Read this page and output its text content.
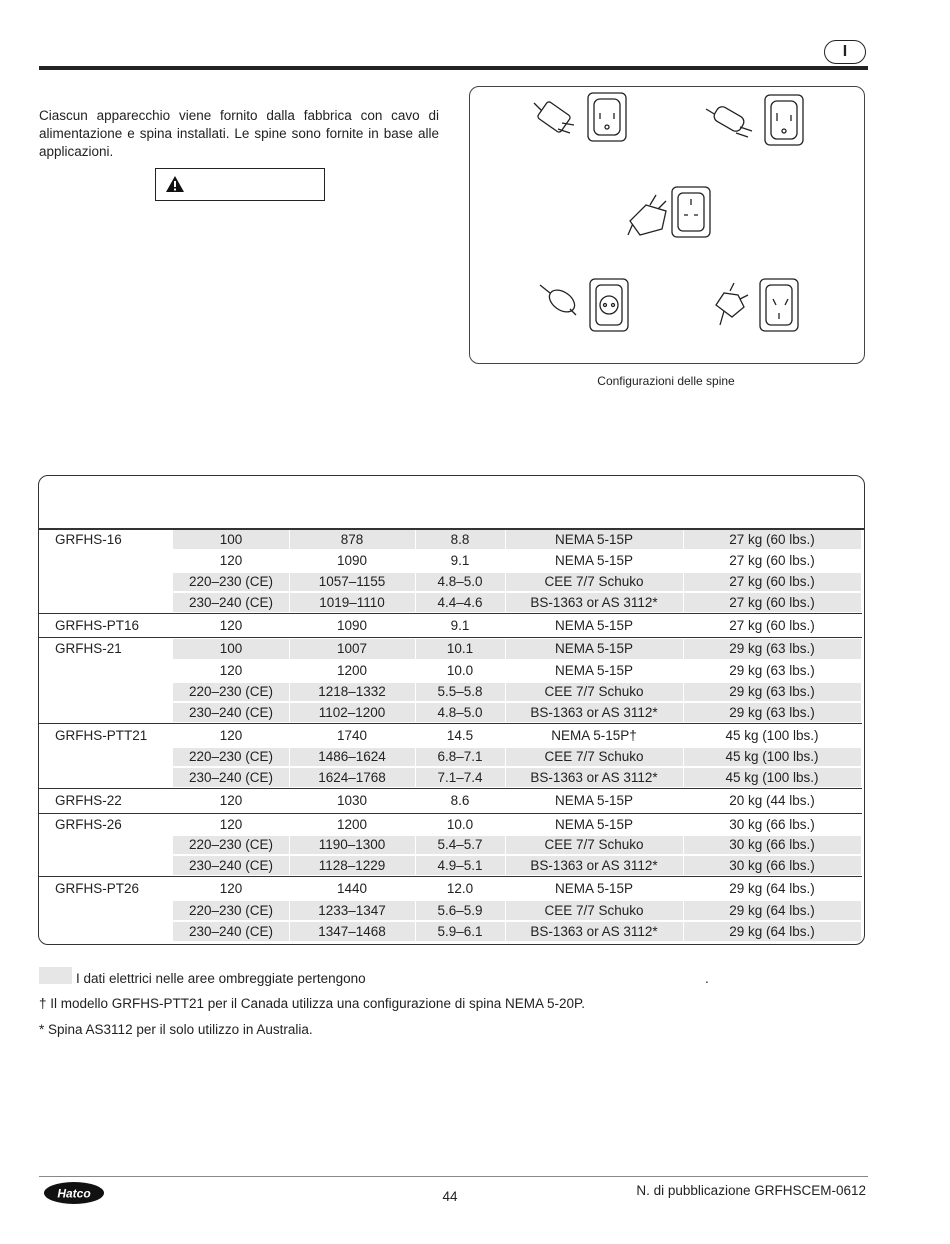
I
Ciascun apparecchio viene fornito dalla fabbrica con cavo di alimentazione e spina installati. Le spine sono fornite in base alle applicazioni.
Configurazioni delle spine
GRFHS-16	100	878	8.8	NEMA 5-15P	27 kg (60 lbs.)
120	1090	9.1	NEMA 5-15P	27 kg (60 lbs.)
220–230 (CE)	1057–1155	4.8–5.0	CEE 7/7 Schuko	27 kg (60 lbs.)
230–240 (CE)	1019–1110	4.4–4.6	BS-1363 or AS 3112*	27 kg (60 lbs.)
GRFHS-PT16	120	1090	9.1	NEMA 5-15P	27 kg (60 lbs.)
GRFHS-21	100	1007	10.1	NEMA 5-15P	29 kg (63 lbs.)
120	1200	10.0	NEMA 5-15P	29 kg (63 lbs.)
220–230 (CE)	1218–1332	5.5–5.8	CEE 7/7 Schuko	29 kg (63 lbs.)
230–240 (CE)	1102–1200	4.8–5.0	BS-1363 or AS 3112*	29 kg (63 lbs.)
GRFHS-PTT21	120	1740	14.5	NEMA 5-15P†	45 kg (100 lbs.)
220–230 (CE)	1486–1624	6.8–7.1	CEE 7/7 Schuko	45 kg (100 lbs.)
230–240 (CE)	1624–1768	7.1–7.4	BS-1363 or AS 3112*	45 kg (100 lbs.)
GRFHS-22	120	1030	8.6	NEMA 5-15P	20 kg (44 lbs.)
GRFHS-26	120	1200	10.0	NEMA 5-15P	30 kg (66 lbs.)
220–230 (CE)	1190–1300	5.4–5.7	CEE 7/7 Schuko	30 kg (66 lbs.)
230–240 (CE)	1128–1229	4.9–5.1	BS-1363 or AS 3112*	30 kg (66 lbs.)
GRFHS-PT26	120	1440	12.0	NEMA 5-15P	29 kg (64 lbs.)
220–230 (CE)	1233–1347	5.6–5.9	CEE 7/7 Schuko	29 kg (64 lbs.)
230–240 (CE)	1347–1468	5.9–6.1	BS-1363 or AS 3112*	29 kg (64 lbs.)
I dati elettrici nelle aree ombreggiate pertengono	.
† Il modello GRFHS-PTT21 per il Canada utilizza una configurazione di spina NEMA 5-20P.
* Spina AS3112 per il solo utilizzo in Australia.
Hatco	44	N. di pubblicazione GRFHSCEM-0612
